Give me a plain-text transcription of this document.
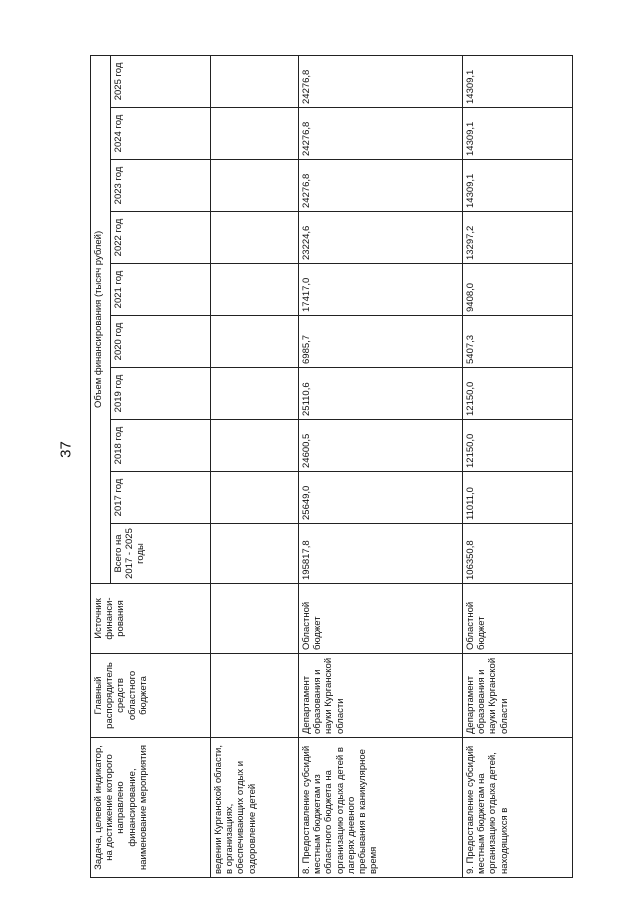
37
Задача, целевой индикатор, на достижение которого направлено финансирование, наименование мероприятия	Главный распорядитель средств областного бюджета	Источник финанси-рования	Объем финансирования (тысяч рублей)									
			Всего на 2017 - 2025 годы	2017 год	2018 год	2019 год	2020 год	2021 год	2022 год	2023 год	2024 год	2025 год
ведении Курганской области, в организациях, обеспечивающих отдых и оздоровление детей												
8. Предоставление субсидий местным бюджетам из областного бюджета на организацию отдыха детей в лагерях дневного пребывания в каникулярное время	Департамент образования и науки Курганской области	Областной бюджет	195817,8	25649,0	24600,5	25110,6	6985,7	17417,0	23224,6	24276,8	24276,8	24276,8
9. Предоставление субсидий местным бюджетам на организацию отдыха детей, находящихся в	Департамент образования и науки Курганской области	Областной бюджет	106350,8	11011,0	12150,0	12150,0	5407,3	9408,0	13297,2	14309,1	14309,1	14309,1
